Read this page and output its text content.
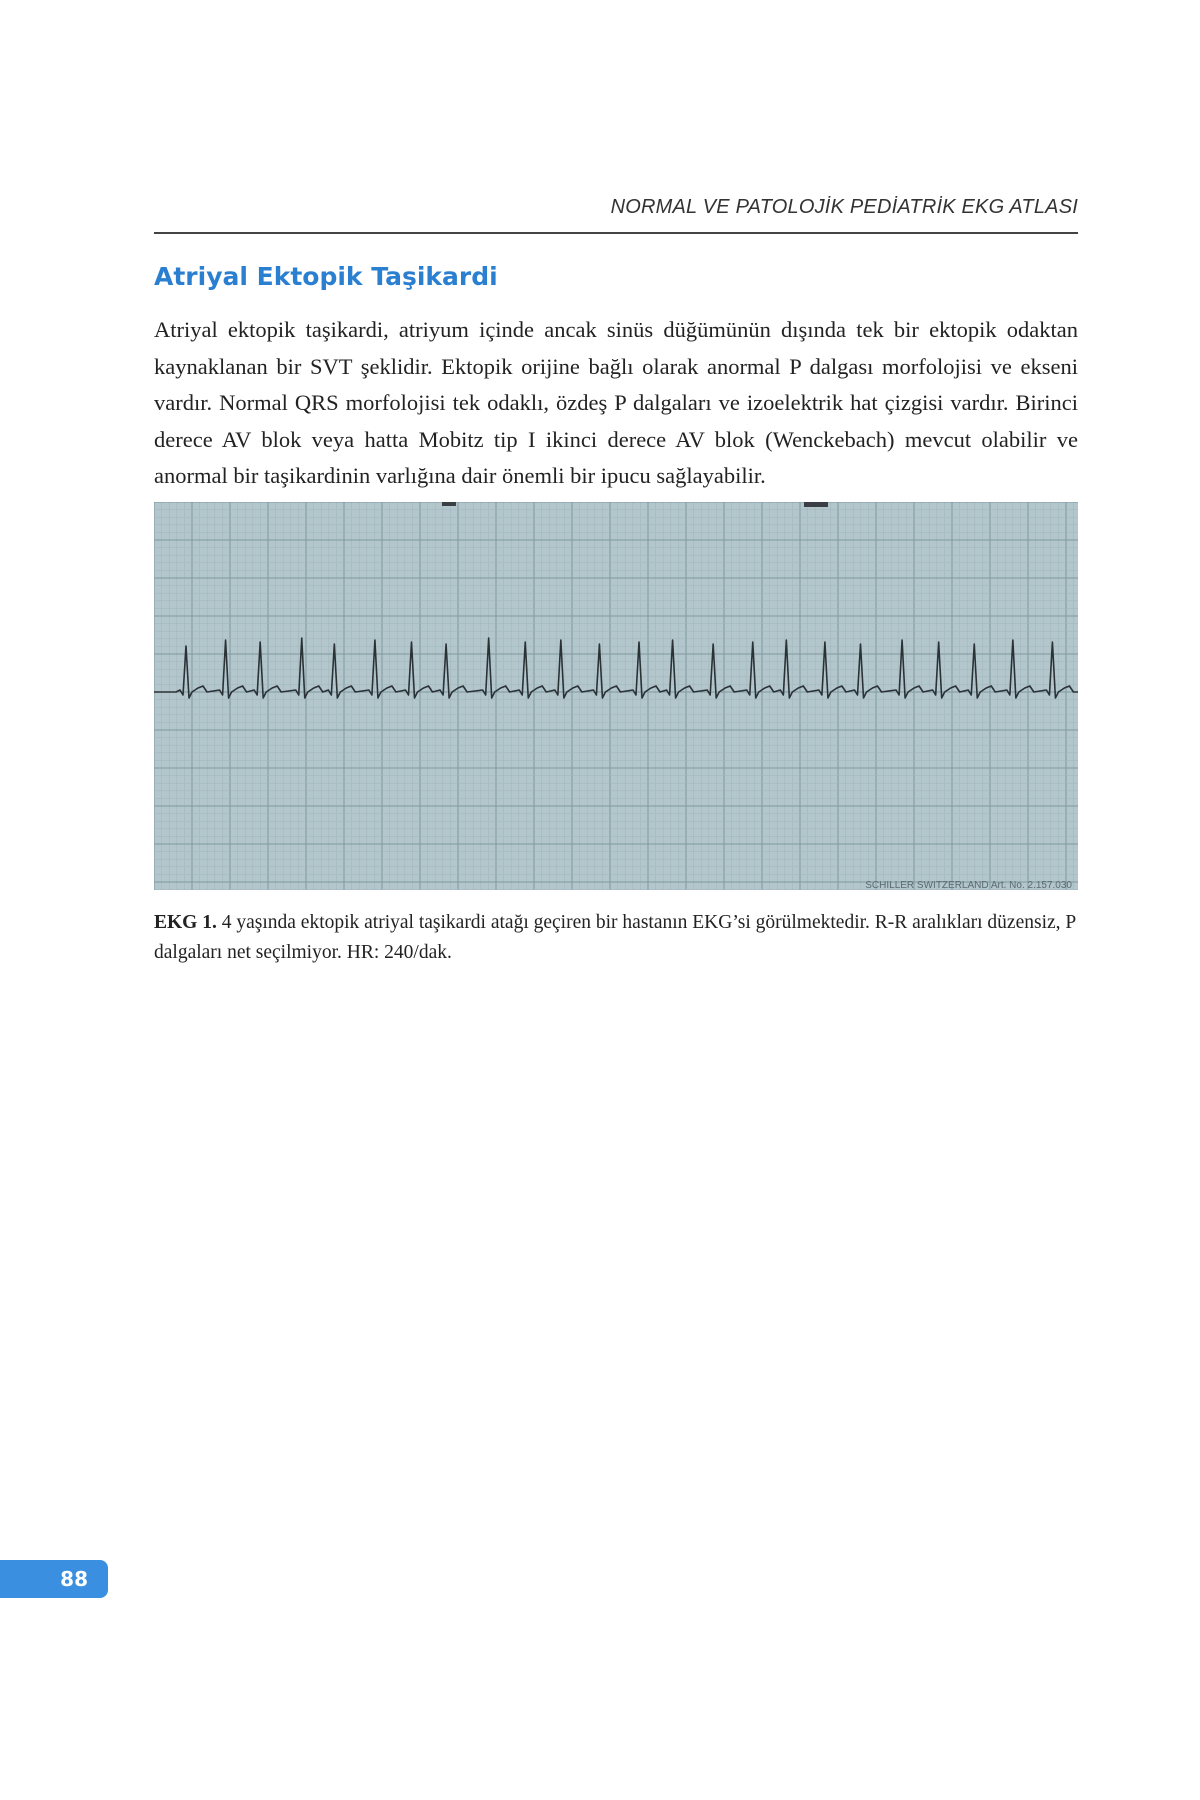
NORMAL VE PATOLOJİK PEDİATRİK EKG ATLASI
Atriyal Ektopik Taşikardi

Atriyal ektopik taşikardi, atriyum içinde ancak sinüs düğümünün dışında tek bir ektopik odaktan kaynaklanan bir SVT şeklidir. Ektopik orijine bağlı olarak anormal P dalgası morfolojisi ve ekseni vardır. Normal QRS morfolojisi tek odaklı, özdeş P dalgaları ve izoelektrik hat çizgisi vardır. Birinci derece AV blok veya hatta Mobitz tip I ikinci derece AV blok (Wenckebach) mevcut olabilir ve anormal bir taşikardinin varlığına dair önemli bir ipucu sağlayabilir.

SCHILLER SWITZERLAND Art. No. 2.157.030

EKG 1. 4 yaşında ektopik atriyal taşikardi atağı geçiren bir hastanın EKG’si görülmektedir. R-R aralıkları düzensiz, P dalgaları net seçilmiyor. HR: 240/dak.

88
